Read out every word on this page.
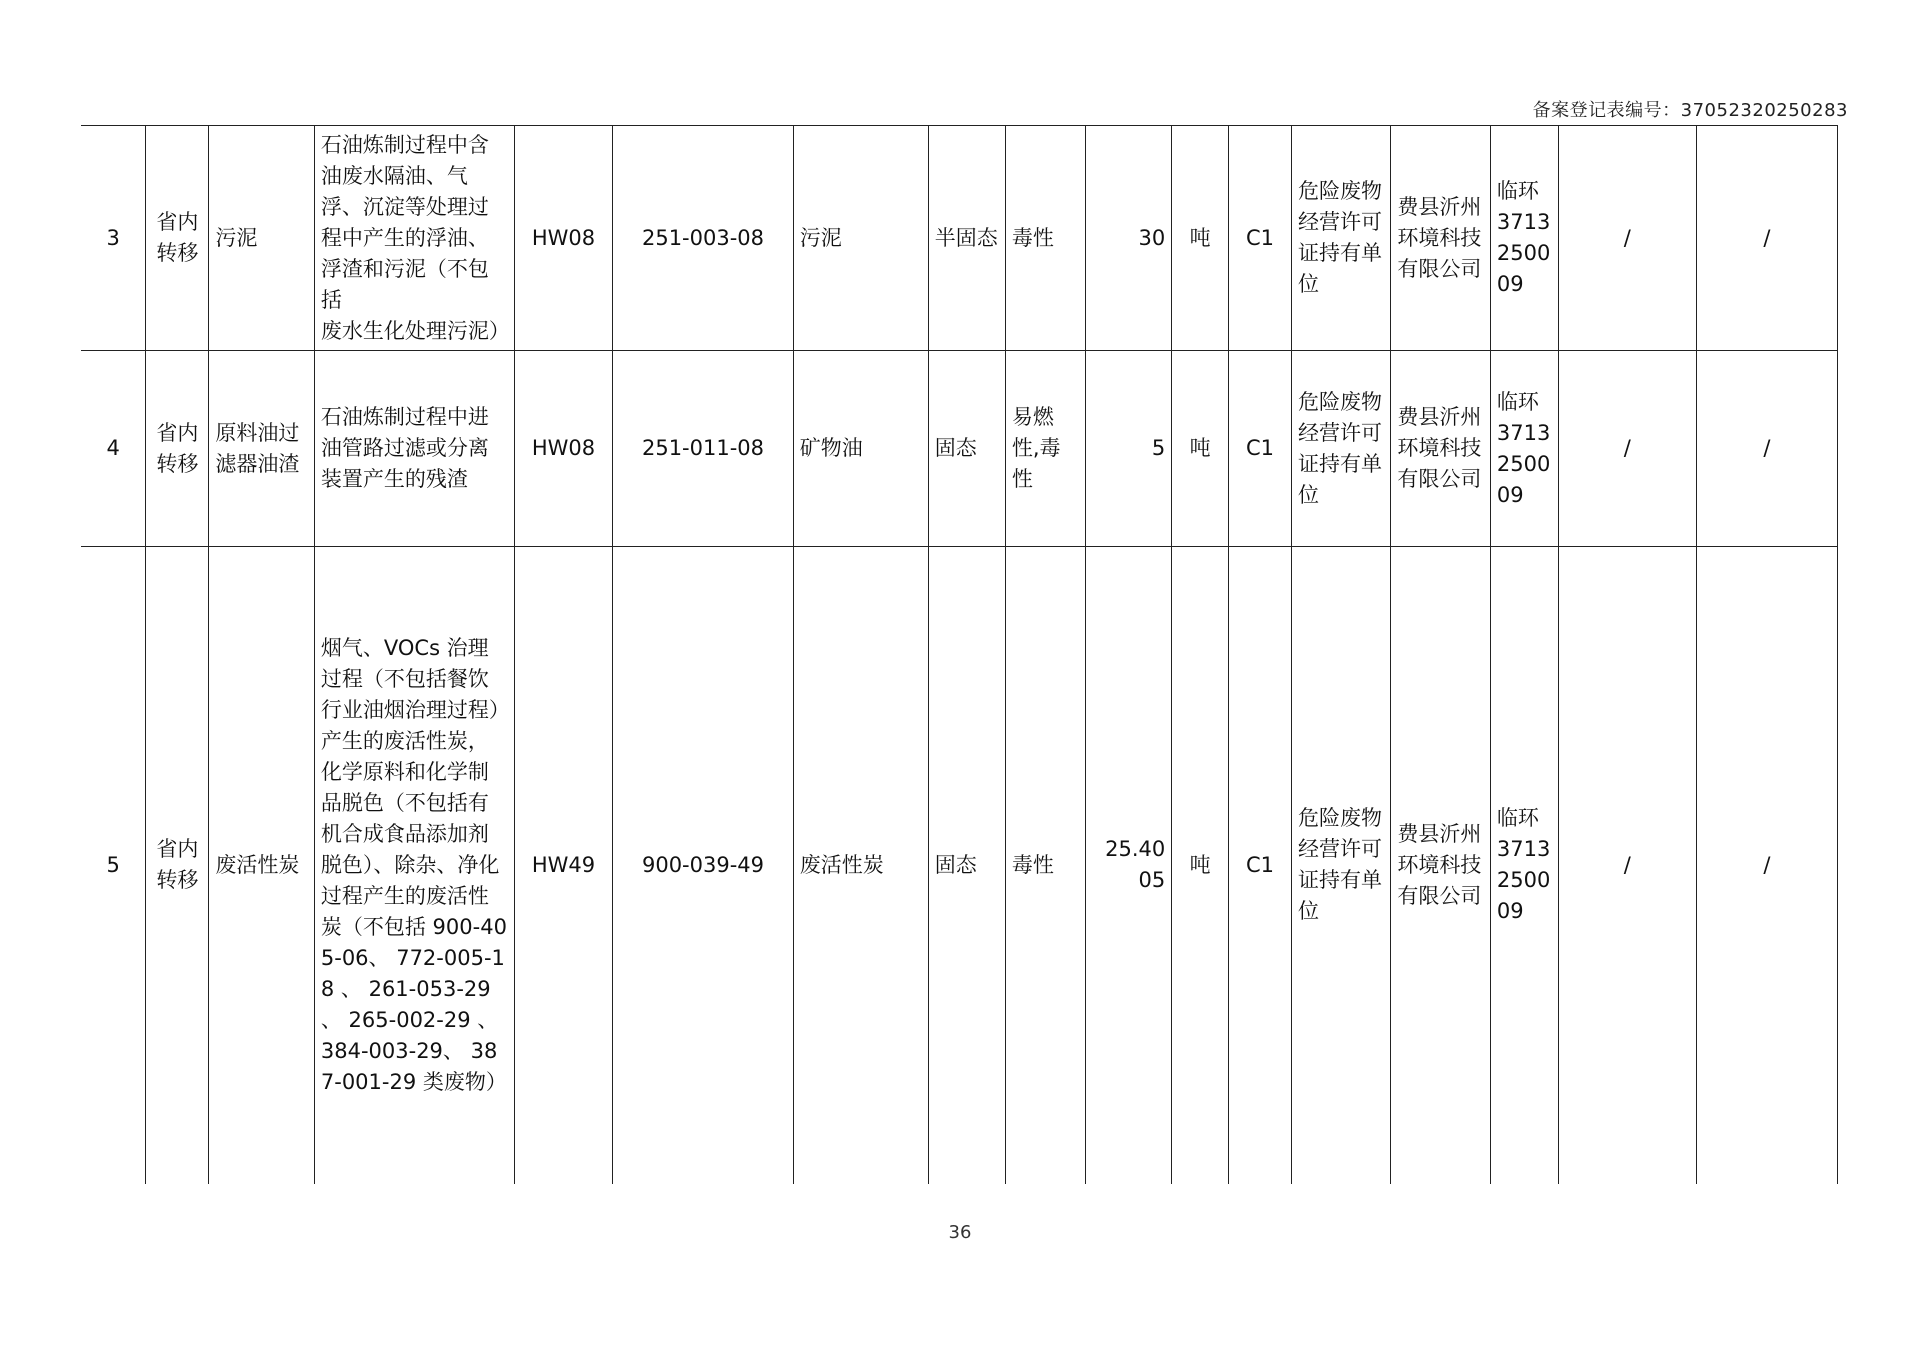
备案登记表编号：37052320250283
3	省内转移	污泥	石油炼制过程中含油废水隔油、气浮、沉淀等处理过程中产生的浮油、浮渣和污泥（不包括
废水生化处理污泥）	HW08	251-003-08	污泥	半固态	毒性	30	吨	C1	危险废物经营许可证持有单位	费县沂州环境科技有限公司	临环3713250009	/	/
4	省内转移	原料油过滤器油渣	石油炼制过程中进油管路过滤或分离装置产生的残渣	HW08	251-011-08	矿物油	固态	易燃性,毒性	5	吨	C1	危险废物经营许可证持有单位	费县沂州环境科技有限公司	临环3713250009	/	/
5	省内转移	废活性炭	烟气、VOCs 治理过程（不包括餐饮行业油烟治理过程）产生的废活性炭，化学原料和化学制品脱色（不包括有机合成食品添加剂脱色）、除杂、净化过程产生的废活性炭（不包括 900-405-06、 772-005-18 、 261-053-29 、 265-002-29 、 384-003-29、 387-001-29 类废物）	HW49	900-039-49	废活性炭	固态	毒性	25.4005	吨	C1	危险废物经营许可证持有单位	费县沂州环境科技有限公司	临环3713250009	/	/
36
